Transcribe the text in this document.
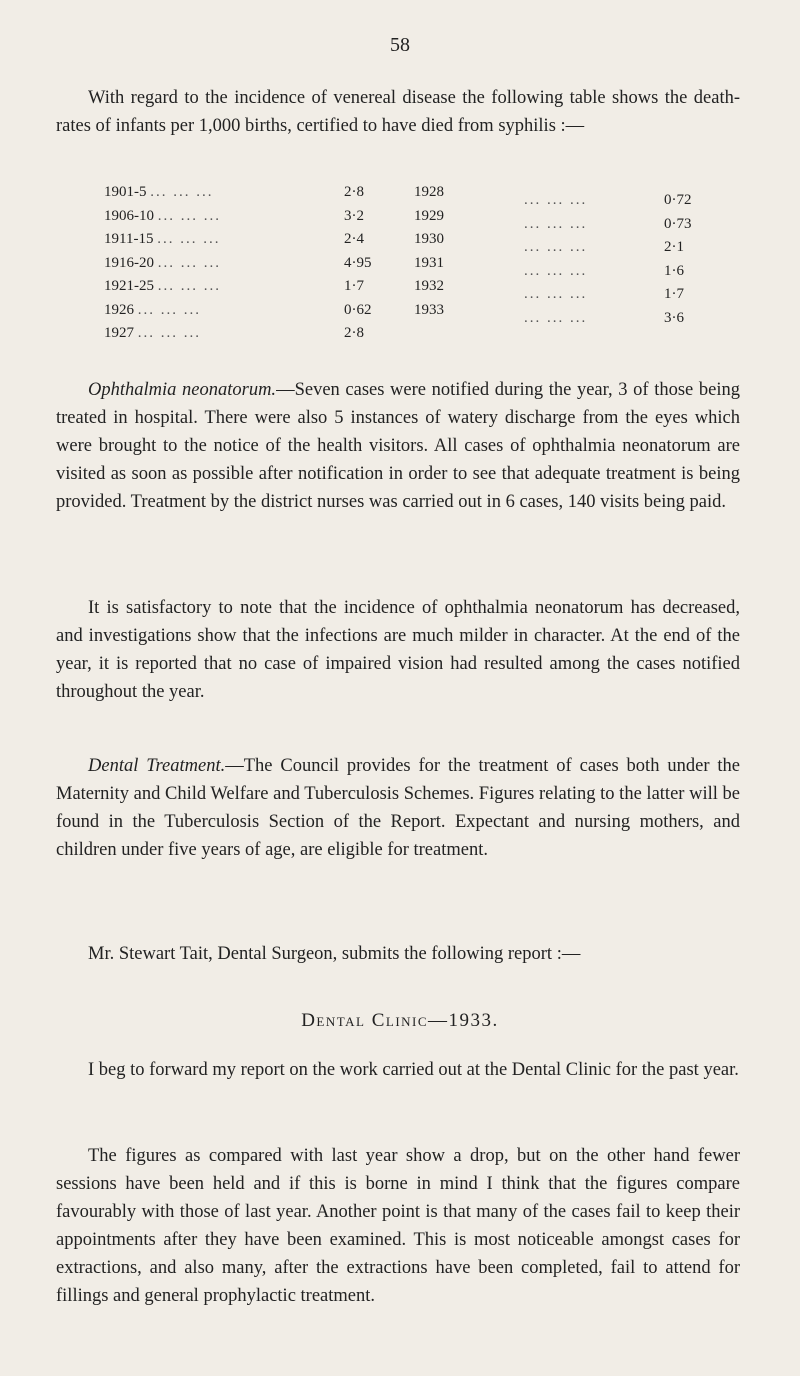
58

With regard to the incidence of venereal disease the following table shows the death-rates of infants per 1,000 births, certified to have died from syphilis :—

1901-5 ... ... ...	2·8	1928	... ... ...	0·72
1906-10 ... ... ...	3·2	1929	... ... ...	0·73
1911-15 ... ... ...	2·4	1930	... ... ...	2·1
1916-20 ... ... ...	4·95	1931	... ... ...	1·6
1921-25 ... ... ...	1·7	1932	... ... ...	1·7
1926 ... ... ...	0·62	1933	... ... ...	3·6
1927 ... ... ...	2·8

Ophthalmia neonatorum.—Seven cases were notified during the year, 3 of those being treated in hospital. There were also 5 instances of watery discharge from the eyes which were brought to the notice of the health visitors. All cases of ophthalmia neonatorum are visited as soon as possible after notification in order to see that adequate treatment is being provided. Treatment by the district nurses was carried out in 6 cases, 140 visits being paid.

It is satisfactory to note that the incidence of ophthalmia neonatorum has decreased, and investigations show that the infections are much milder in character. At the end of the year, it is reported that no case of impaired vision had resulted among the cases notified throughout the year.

Dental Treatment.—The Council provides for the treatment of cases both under the Maternity and Child Welfare and Tuberculosis Schemes. Figures relating to the latter will be found in the Tuberculosis Section of the Report. Expectant and nursing mothers, and children under five years of age, are eligible for treatment.

Mr. Stewart Tait, Dental Surgeon, submits the following report :—

Dental Clinic—1933.

I beg to forward my report on the work carried out at the Dental Clinic for the past year.

The figures as compared with last year show a drop, but on the other hand fewer sessions have been held and if this is borne in mind I think that the figures compare favourably with those of last year. Another point is that many of the cases fail to keep their appointments after they have been examined. This is most noticeable amongst cases for extractions, and also many, after the extractions have been completed, fail to attend for fillings and general prophylactic treatment.
